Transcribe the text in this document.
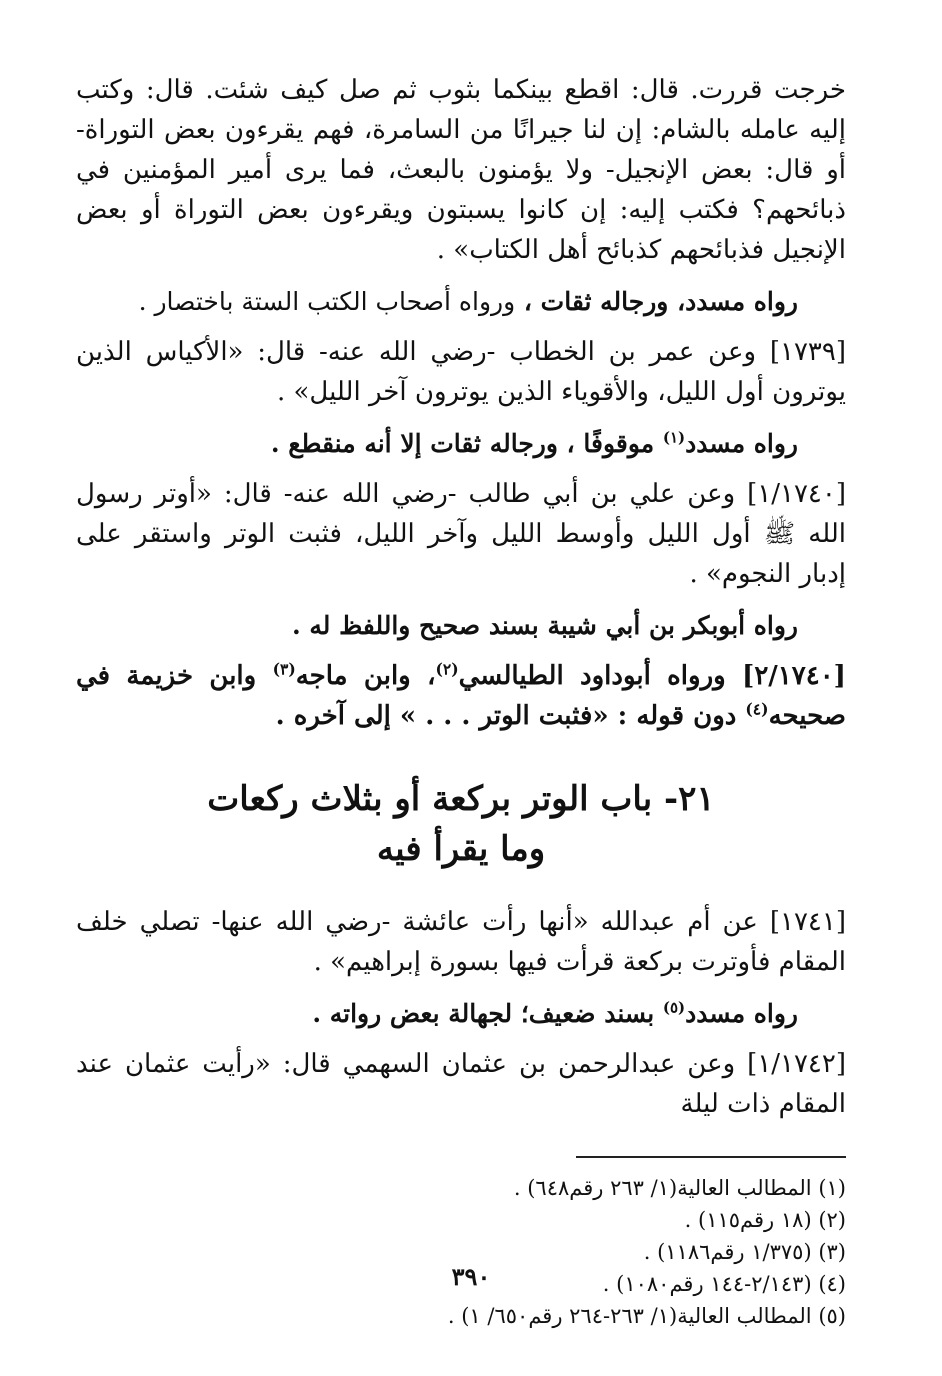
خرجت قررت. قال: اقطع بينكما بثوب ثم صل كيف شئت. قال: وكتب إليه عامله بالشام: إن لنا جيرانًا من السامرة، فهم يقرءون بعض التوراة- أو قال: بعض الإنجيل- ولا يؤمنون بالبعث، فما يرى أمير المؤمنين في ذبائحهم؟ فكتب إليه: إن كانوا يسبتون ويقرءون بعض التوراة أو بعض الإنجيل فذبائحهم كذبائح أهل الكتاب» .

رواه مسدد، ورجاله ثقات ، ورواه أصحاب الكتب الستة باختصار .

[١٧٣٩] وعن عمر بن الخطاب -رضي الله عنه- قال: «الأكياس الذين يوترون أول الليل، والأقوياء الذين يوترون آخر الليل» .

رواه مسدد$^{(١)}$ موقوفًا ، ورجاله ثقات إلا أنه منقطع .

[١/١٧٤٠] وعن علي بن أبي طالب -رضي الله عنه- قال: «أوتر رسول الله ﷺ أول الليل وأوسط الليل وآخر الليل، فثبت الوتر واستقر على إدبار النجوم» .

رواه أبوبكر بن أبي شيبة بسند صحيح واللفظ له .

[٢/١٧٤٠] ورواه أبوداود الطيالسي$^{(٢)}$، وابن ماجه$^{(٣)}$ وابن خزيمة في صحيحه$^{(٤)}$ دون قوله : «فثبت الوتر . . . » إلى آخره .

٢١- باب الوتر بركعة أو بثلاث ركعات
وما يقرأ فيه

[١٧٤١] عن أم عبدالله «أنها رأت عائشة -رضي الله عنها- تصلي خلف المقام فأوترت بركعة قرأت فيها بسورة إبراهيم» .

رواه مسدد$^{(٥)}$ بسند ضعيف؛ لجهالة بعض رواته .

[١/١٧٤٢] وعن عبدالرحمن بن عثمان السهمي قال: «رأيت عثمان عند المقام ذات ليلة

(١) المطالب العالية(١/ ٢٦٣ رقم٦٤٨) .

(٢) (١٨ رقم١١٥) .

(٣) (١/٣٧٥ رقم١١٨٦) .

(٤) (٢/١٤٣-١٤٤ رقم١٠٨٠) .

(٥) المطالب العالية(١/ ٢٦٣-٢٦٤ رقم٦٥٠/ ١) .

٣٩٠
